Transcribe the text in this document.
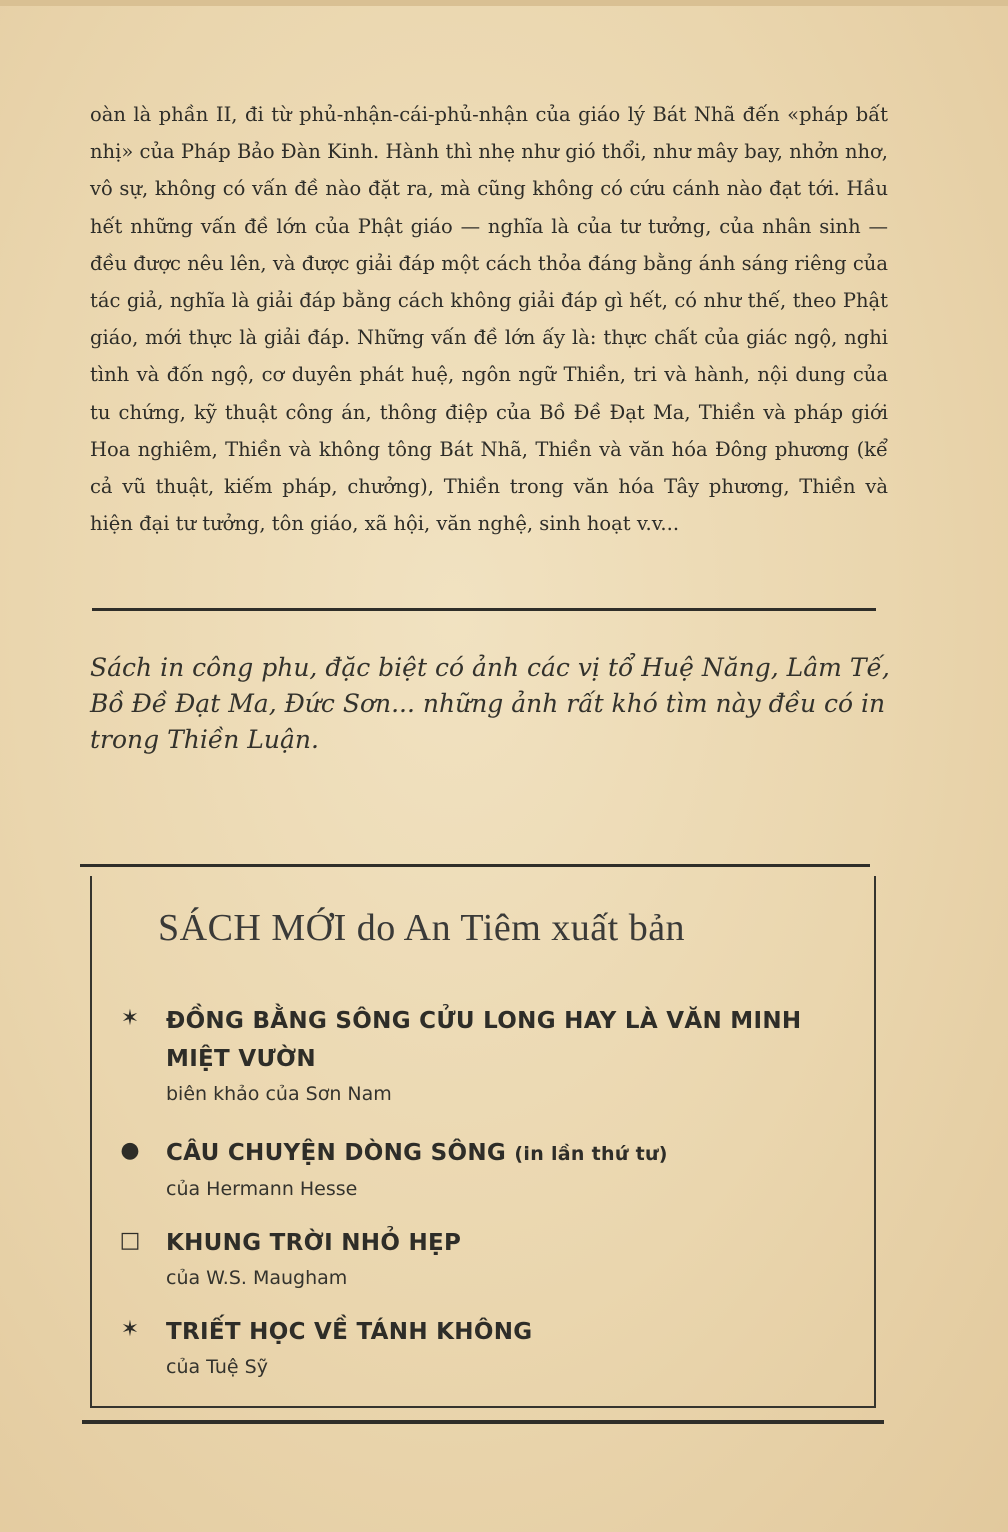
oàn là phần II, đi từ phủ-nhận-cái-phủ-nhận của giáo lý Bát Nhã đến «pháp bất nhị» của Pháp Bảo Đàn Kinh. Hành thì nhẹ như gió thổi, như mây bay, nhởn nhơ, vô sự, không có vấn đề nào đặt ra, mà cũng không có cứu cánh nào đạt tới. Hầu hết những vấn đề lớn của Phật giáo — nghĩa là của tư tưởng, của nhân sinh — đều được nêu lên, và được giải đáp một cách thỏa đáng bằng ánh sáng riêng của tác giả, nghĩa là giải đáp bằng cách không giải đáp gì hết, có như thế, theo Phật giáo, mới thực là giải đáp. Những vấn đề lớn ấy là: thực chất của giác ngộ, nghi tình và đốn ngộ, cơ duyên phát huệ, ngôn ngữ Thiền, tri và hành, nội dung của tu chứng, kỹ thuật công án, thông điệp của Bồ Đề Đạt Ma, Thiền và pháp giới Hoa nghiêm, Thiền và không tông Bát Nhã, Thiền và văn hóa Đông phương (kể cả vũ thuật, kiếm pháp, chưởng), Thiền trong văn hóa Tây phương, Thiền và hiện đại tư tưởng, tôn giáo, xã hội, văn nghệ, sinh hoạt v.v...

Sách in công phu, đặc biệt có ảnh các vị tổ Huệ Năng, Lâm Tế, Bồ Đề Đạt Ma, Đức Sơn... những ảnh rất khó tìm này đều có in trong Thiền Luận.

SÁCH MỚI do An Tiêm xuất bản
✶ ĐỒNG BẰNG SÔNG CỬU LONG HAY LÀ VĂN MINH MIỆT VƯỜN
biên khảo của Sơn Nam
● CÂU CHUYỆN DÒNG SÔNG (in lần thứ tư)
của Hermann Hesse
□ KHUNG TRỜI NHỎ HẸP
của W.S. Maugham
✶ TRIẾT HỌC VỀ TÁNH KHÔNG
của Tuệ Sỹ
